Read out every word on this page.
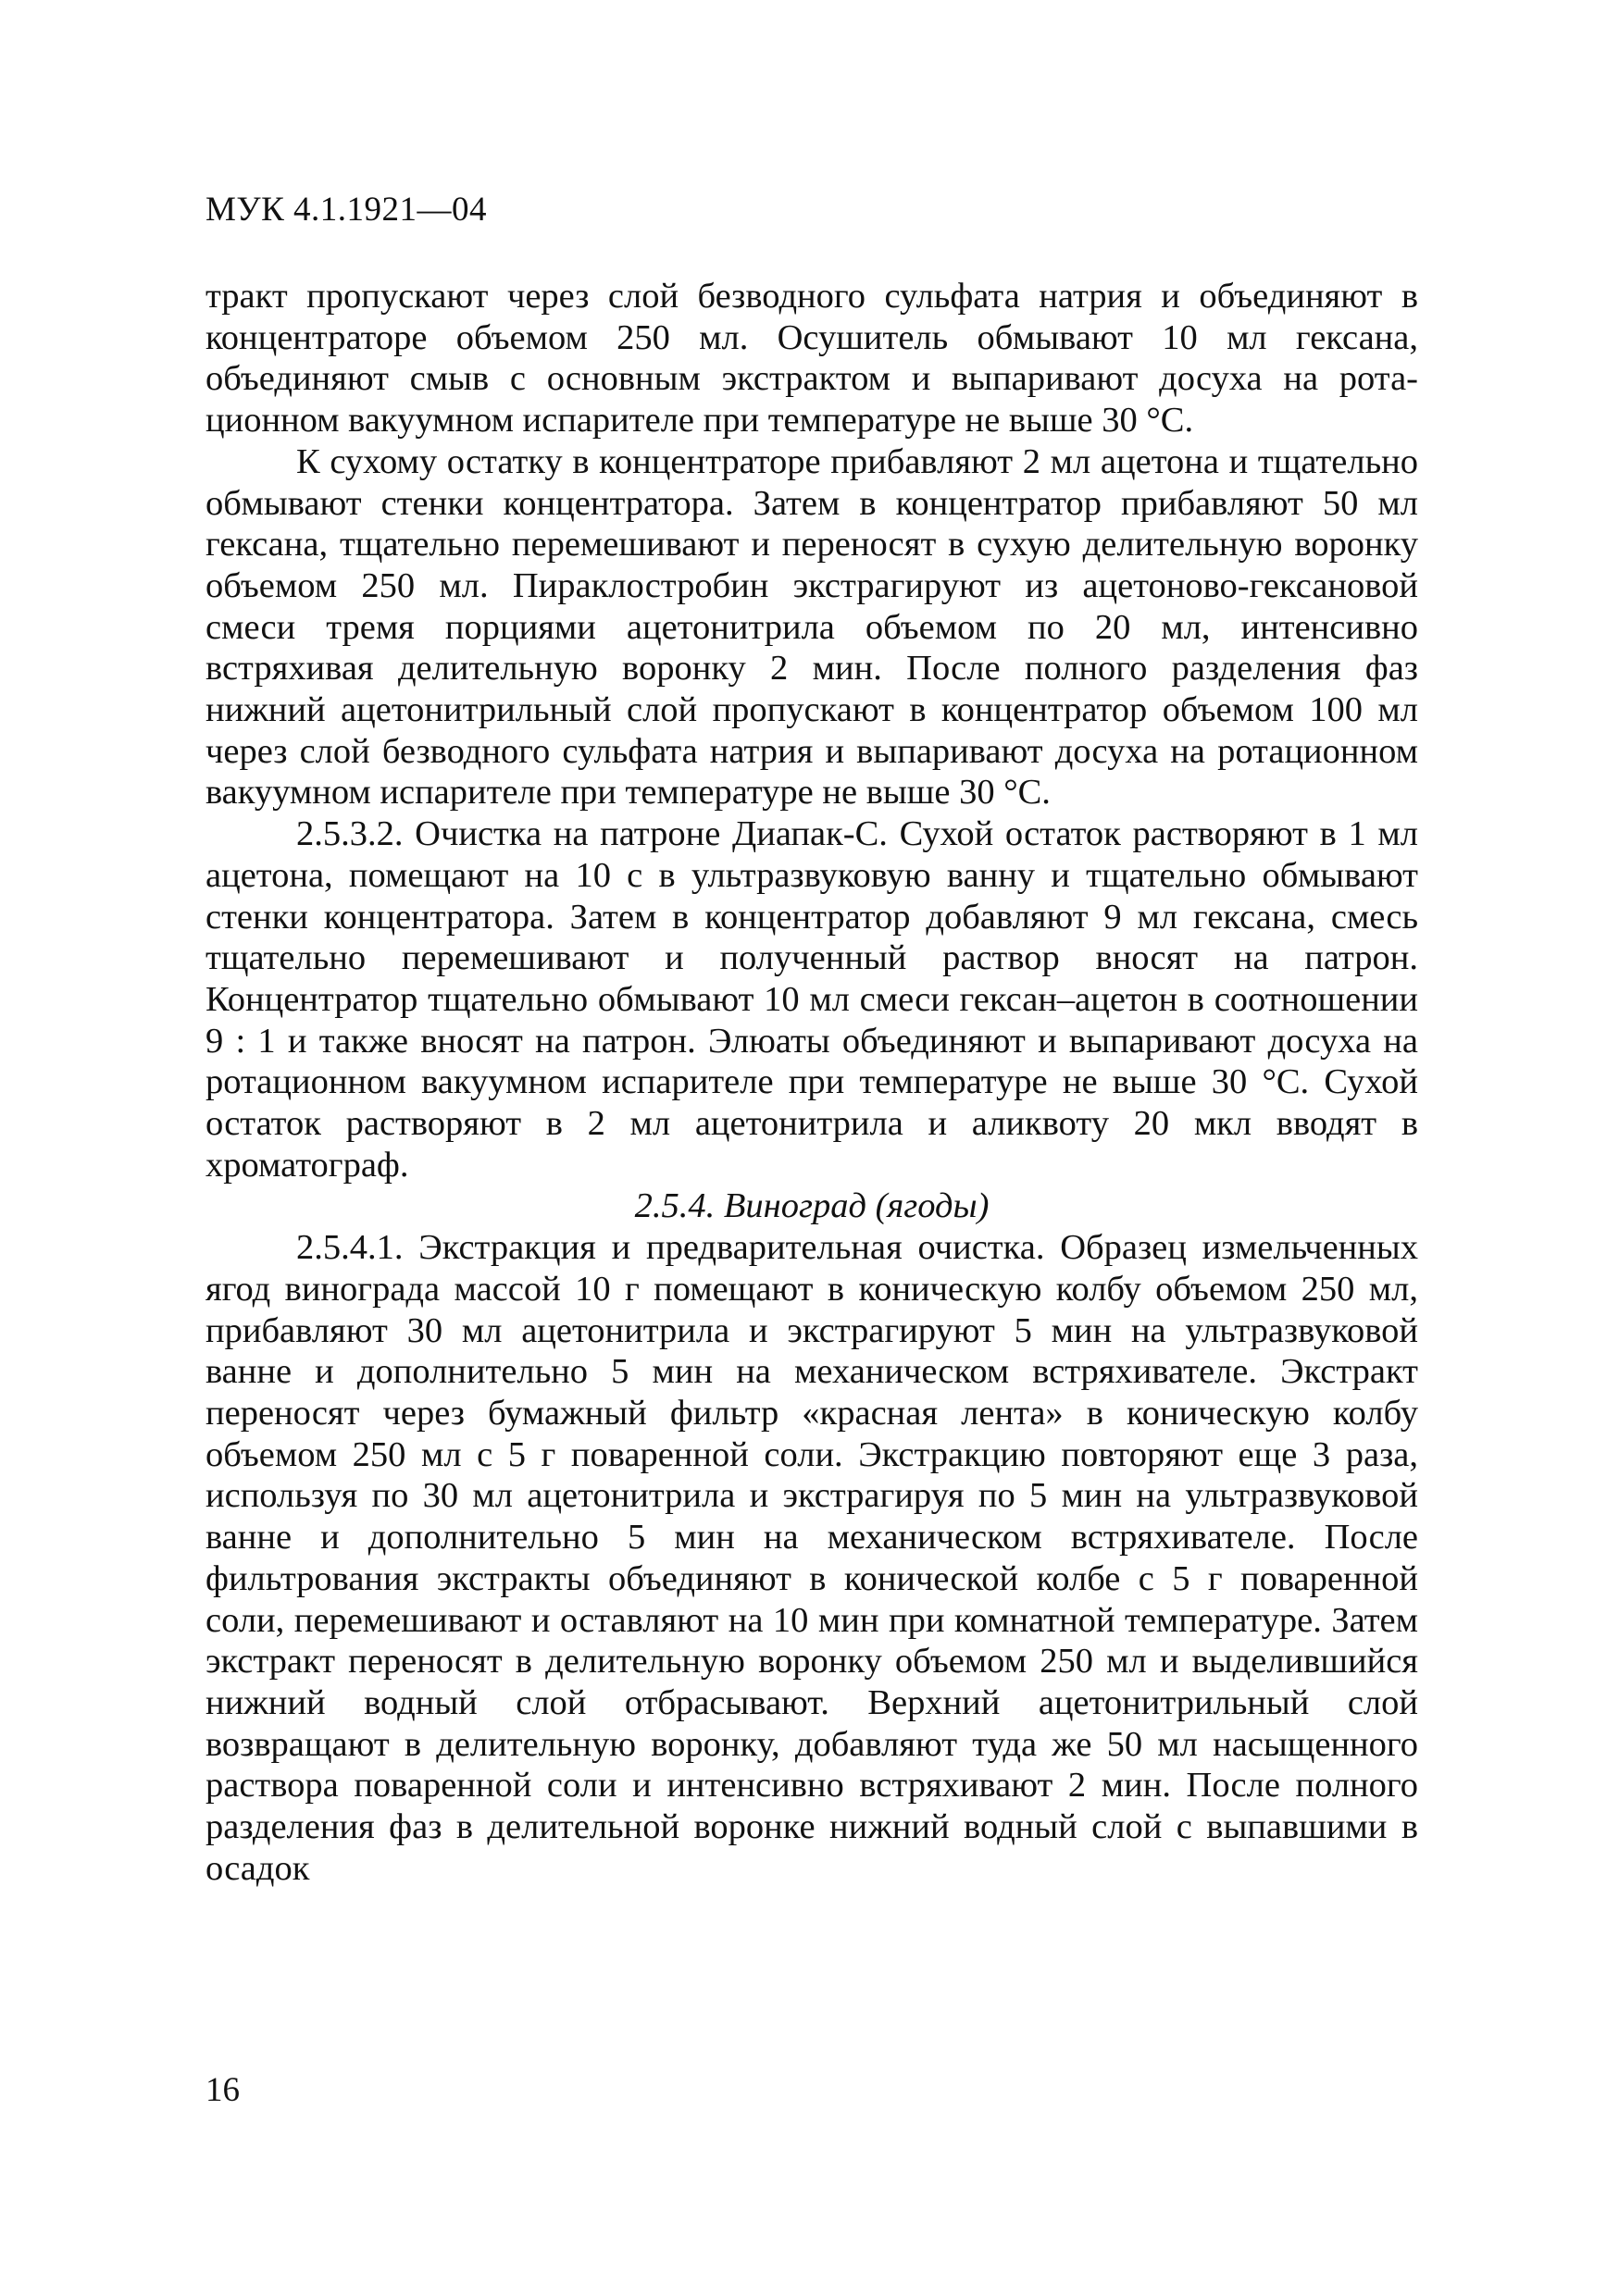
МУК 4.1.1921—04

тракт пропускают через слой безводного сульфата натрия и объединяют в концентраторе объемом 250 мл. Осушитель обмывают 10 мл гексана, объединяют смыв с основным экстрактом и выпаривают досуха на ротационном вакуумном испарителе при температуре не выше 30 °С.

К сухому остатку в концентраторе прибавляют 2 мл ацетона и тщательно обмывают стенки концентратора. Затем в концентратор прибавляют 50 мл гексана, тщательно перемешивают и переносят в сухую делительную воронку объемом 250 мл. Пираклостробин экстрагируют из ацетоново-гексановой смеси тремя порциями ацетонитрила объемом по 20 мл, интенсивно встряхивая делительную воронку 2 мин. После полного разделения фаз нижний ацетонитрильный слой пропускают в концентратор объемом 100 мл через слой безводного сульфата натрия и выпаривают досуха на ротационном вакуумном испарителе при температуре не выше 30 °С.

2.5.3.2. Очистка на патроне Диапак-С. Сухой остаток растворяют в 1 мл ацетона, помещают на 10 с в ультразвуковую ванну и тщательно обмывают стенки концентратора. Затем в концентратор добавляют 9 мл гексана, смесь тщательно перемешивают и полученный раствор вносят на патрон. Концентратор тщательно обмывают 10 мл смеси гексан–ацетон в соотношении 9 : 1 и также вносят на патрон. Элюаты объединяют и выпаривают досуха на ротационном вакуумном испарителе при температуре не выше 30 °С. Сухой остаток растворяют в 2 мл ацетонитрила и аликвоту 20 мкл вводят в хроматограф.

2.5.4. Виноград (ягоды)

2.5.4.1. Экстракция и предварительная очистка. Образец измельченных ягод винограда массой 10 г помещают в коническую колбу объемом 250 мл, прибавляют 30 мл ацетонитрила и экстрагируют 5 мин на ультразвуковой ванне и дополнительно 5 мин на механическом встряхивателе. Экстракт переносят через бумажный фильтр «красная лента» в коническую колбу объемом 250 мл с 5 г поваренной соли. Экстракцию повторяют еще 3 раза, используя по 30 мл ацетонитрила и экстрагируя по 5 мин на ультразвуковой ванне и дополнительно 5 мин на механическом встряхивателе. После фильтрования экстракты объединяют в конической колбе с 5 г поваренной соли, перемешивают и оставляют на 10 мин при комнатной температуре. Затем экстракт переносят в делительную воронку объемом 250 мл и выделившийся нижний водный слой отбрасывают. Верхний ацетонитрильный слой возвращают в делительную воронку, добавляют туда же 50 мл насыщенного раствора поваренной соли и интенсивно встряхивают 2 мин. После полного разделения фаз в делительной воронке нижний водный слой с выпавшими в осадок

16
